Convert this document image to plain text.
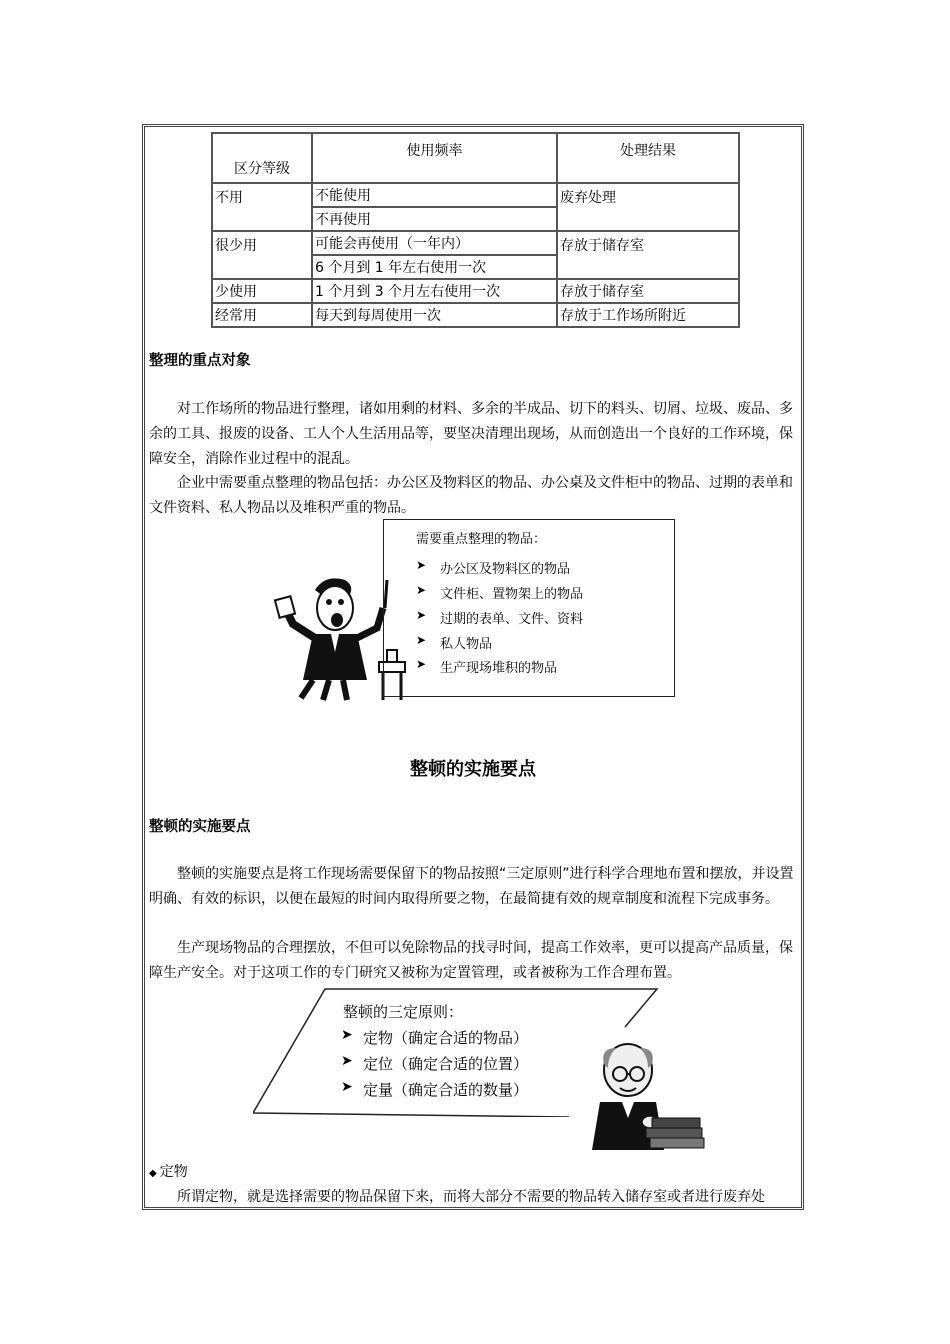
区分等级	使用频率	处理结果
不用	不能使用	废弃处理
	不再使用	
很少用	可能会再使用（一年内）	存放于储存室
	6 个月到 1 年左右使用一次	
少使用	1 个月到 3 个月左右使用一次	存放于储存室
经常用	每天到每周使用一次	存放于工作场所附近
整理的重点对象
对工作场所的物品进行整理，诸如用剩的材料、多余的半成品、切下的料头、切屑、垃圾、废品、多余的工具、报废的设备、工人个人生活用品等，要坚决清理出现场，从而创造出一个良好的工作环境，保障安全，消除作业过程中的混乱。
企业中需要重点整理的物品包括：办公区及物料区的物品、办公桌及文件柜中的物品、过期的表单和文件资料、私人物品以及堆积严重的物品。
需要重点整理的物品：
➤ 办公区及物料区的物品
➤ 文件柜、置物架上的物品
➤ 过期的表单、文件、资料
➤ 私人物品
➤ 生产现场堆积的物品
整顿的实施要点
整顿的实施要点
整顿的实施要点是将工作现场需要保留下的物品按照“三定原则”进行科学合理地布置和摆放，并设置明确、有效的标识，以便在最短的时间内取得所要之物，在最简捷有效的规章制度和流程下完成事务。
生产现场物品的合理摆放，不但可以免除物品的找寻时间，提高工作效率，更可以提高产品质量，保障生产安全。对于这项工作的专门研究又被称为定置管理，或者被称为工作合理布置。
整顿的三定原则：
➤ 定物（确定合适的物品）
➤ 定位（确定合适的位置）
➤ 定量（确定合适的数量）
◆ 定物
所谓定物，就是选择需要的物品保留下来，而将大部分不需要的物品转入储存室或者进行废弃处
